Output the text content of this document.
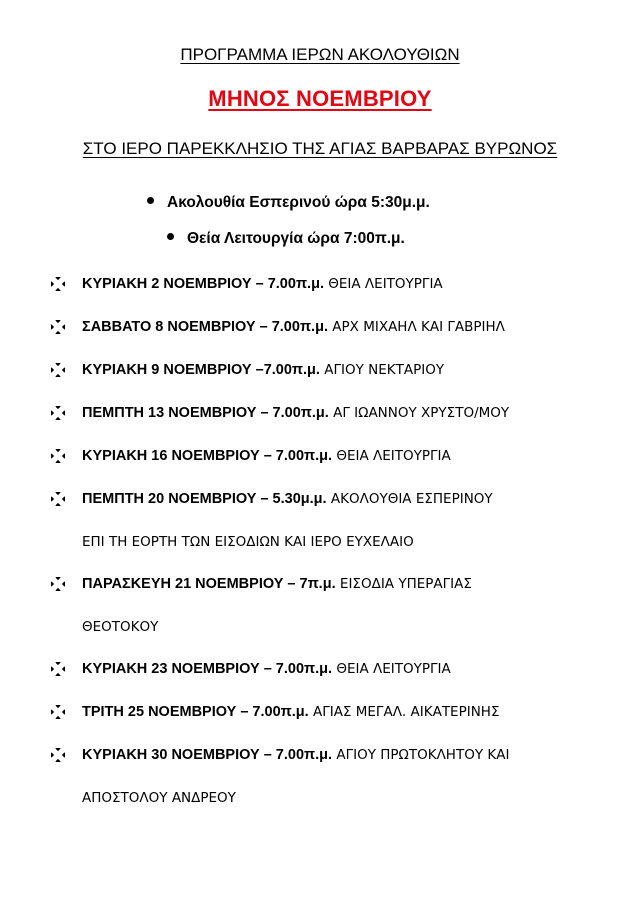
ΠΡΟΓΡΑΜΜΑ ΙΕΡΩΝ ΑΚΟΛΟΥΘΙΩΝ
ΜΗΝΟΣ ΝΟΕΜΒΡΙΟΥ
ΣΤΟ ΙΕΡΟ ΠΑΡΕΚΚΛΗΣΙΟ ΤΗΣ ΑΓΙΑΣ ΒΑΡΒΑΡΑΣ ΒΥΡΩΝΟΣ
Ακολουθία Εσπερινού ώρα 5:30μ.μ.
Θεία Λειτουργία ώρα 7:00π.μ.
ΚΥΡΙΑΚΗ 2 ΝΟΕΜΒΡΙΟΥ – 7.00π.μ. ΘΕΙΑ ΛΕΙΤΟΥΡΓΙΑ
ΣΑΒΒΑΤΟ 8 ΝΟΕΜΒΡΙΟΥ – 7.00π.μ. ΑΡΧ ΜΙΧΑΗΛ ΚΑΙ ΓΑΒΡΙΗΛ
ΚΥΡΙΑΚΗ 9 ΝΟΕΜΒΡΙΟΥ –7.00π.μ. ΑΓΙΟΥ ΝΕΚΤΑΡΙΟΥ
ΠΕΜΠΤΗ 13 ΝΟΕΜΒΡΙΟΥ – 7.00π.μ. ΑΓ ΙΩΑΝΝΟΥ ΧΡΥΣΤΟ/ΜΟΥ
ΚΥΡΙΑΚΗ 16 ΝΟΕΜΒΡΙΟΥ – 7.00π.μ. ΘΕΙΑ ΛΕΙΤΟΥΡΓΙΑ
ΠΕΜΠΤΗ 20 ΝΟΕΜΒΡΙΟΥ – 5.30μ.μ. ΑΚΟΛΟΥΘΙΑ ΕΣΠΕΡΙΝΟΥ
ΕΠΙ ΤΗ ΕΟΡΤΗ ΤΩΝ ΕΙΣΟΔΙΩΝ ΚΑΙ ΙΕΡΟ ΕΥΧΕΛΑΙΟ
ΠΑΡΑΣΚΕΥΗ 21 ΝΟΕΜΒΡΙΟΥ – 7π.μ. ΕΙΣΟΔΙΑ ΥΠΕΡΑΓΙΑΣ
ΘΕΟΤΟΚΟΥ
ΚΥΡΙΑΚΗ 23 ΝΟΕΜΒΡΙΟΥ – 7.00π.μ. ΘΕΙΑ ΛΕΙΤΟΥΡΓΙΑ
ΤΡΙΤΗ 25 ΝΟΕΜΒΡΙΟΥ – 7.00π.μ. ΑΓΙΑΣ ΜΕΓΑΛ. ΑΙΚΑΤΕΡΙΝΗΣ
ΚΥΡΙΑΚΗ 30 ΝΟΕΜΒΡΙΟΥ – 7.00π.μ. ΑΓΙΟΥ ΠΡΩΤΟΚΛΗΤΟΥ ΚΑΙ
ΑΠΟΣΤΟΛΟΥ ΑΝΔΡΕΟΥ
